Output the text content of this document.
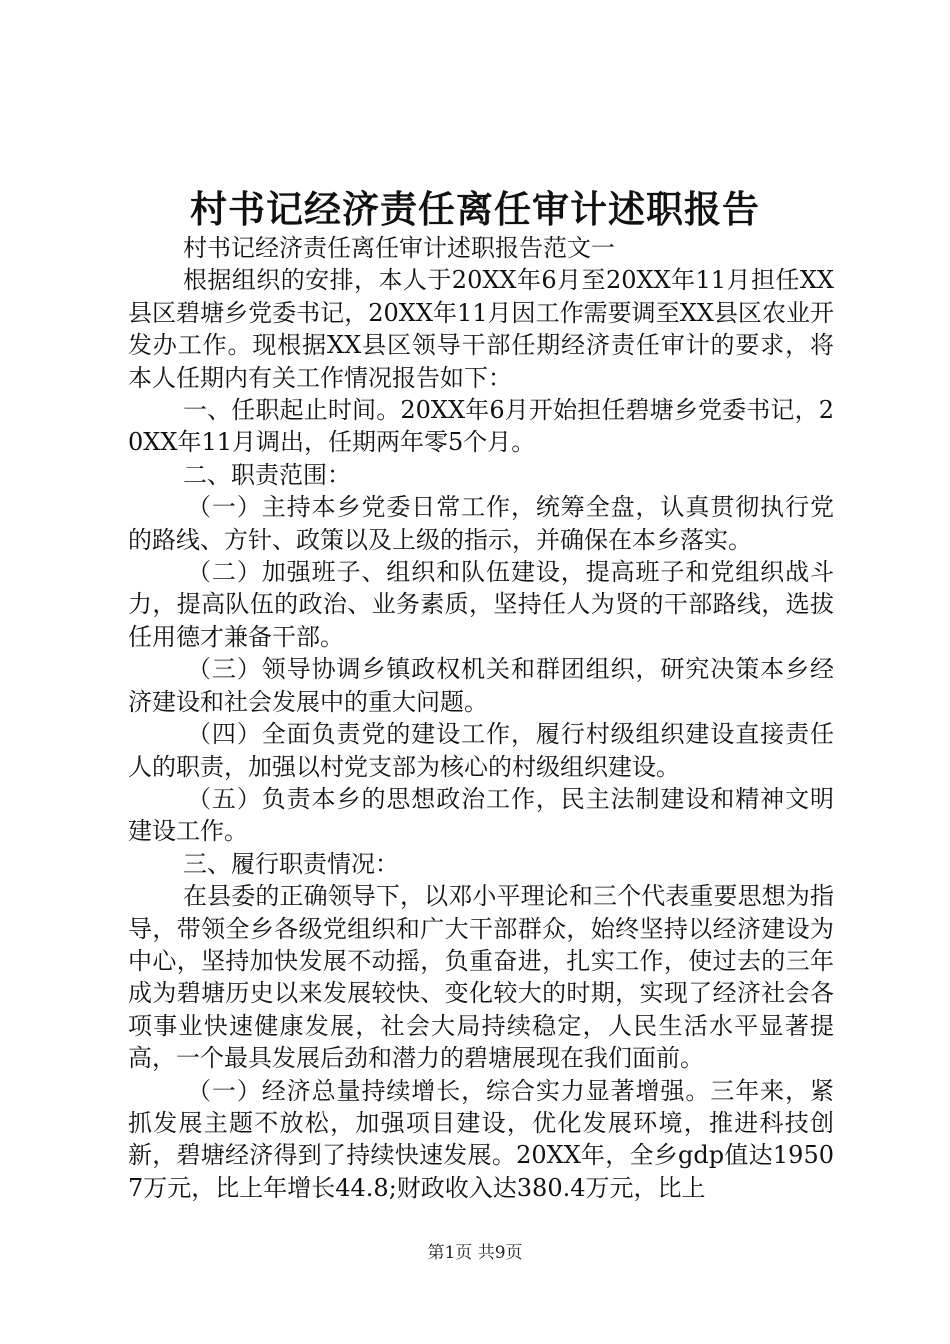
村书记经济责任离任审计述职报告

村书记经济责任离任审计述职报告范文一

根据组织的安排，本人于20XX年6月至20XX年11月担任XX县区碧塘乡党委书记，20XX年11月因工作需要调至XX县区农业开发办工作。现根据XX县区领导干部任期经济责任审计的要求，将本人任期内有关工作情况报告如下：

一、任职起止时间。20XX年6月开始担任碧塘乡党委书记，20XX年11月调出，任期两年零5个月。

二、职责范围：

（一）主持本乡党委日常工作，统筹全盘，认真贯彻执行党的路线、方针、政策以及上级的指示，并确保在本乡落实。

（二）加强班子、组织和队伍建设，提高班子和党组织战斗力，提高队伍的政治、业务素质，坚持任人为贤的干部路线，选拔任用德才兼备干部。

（三）领导协调乡镇政权机关和群团组织，研究决策本乡经济建设和社会发展中的重大问题。

（四）全面负责党的建设工作，履行村级组织建设直接责任人的职责，加强以村党支部为核心的村级组织建设。

（五）负责本乡的思想政治工作，民主法制建设和精神文明建设工作。

三、履行职责情况：

在县委的正确领导下，以邓小平理论和三个代表重要思想为指导，带领全乡各级党组织和广大干部群众，始终坚持以经济建设为中心，坚持加快发展不动摇，负重奋进，扎实工作，使过去的三年成为碧塘历史以来发展较快、变化较大的时期，实现了经济社会各项事业快速健康发展，社会大局持续稳定，人民生活水平显著提高，一个最具发展后劲和潜力的碧塘展现在我们面前。

（一）经济总量持续增长，综合实力显著增强。三年来，紧抓发展主题不放松，加强项目建设，优化发展环境，推进科技创新，碧塘经济得到了持续快速发展。20XX年，全乡gdp值达19507万元，比上年增长44.8;财政收入达380.4万元，比上

第1页 共9页
